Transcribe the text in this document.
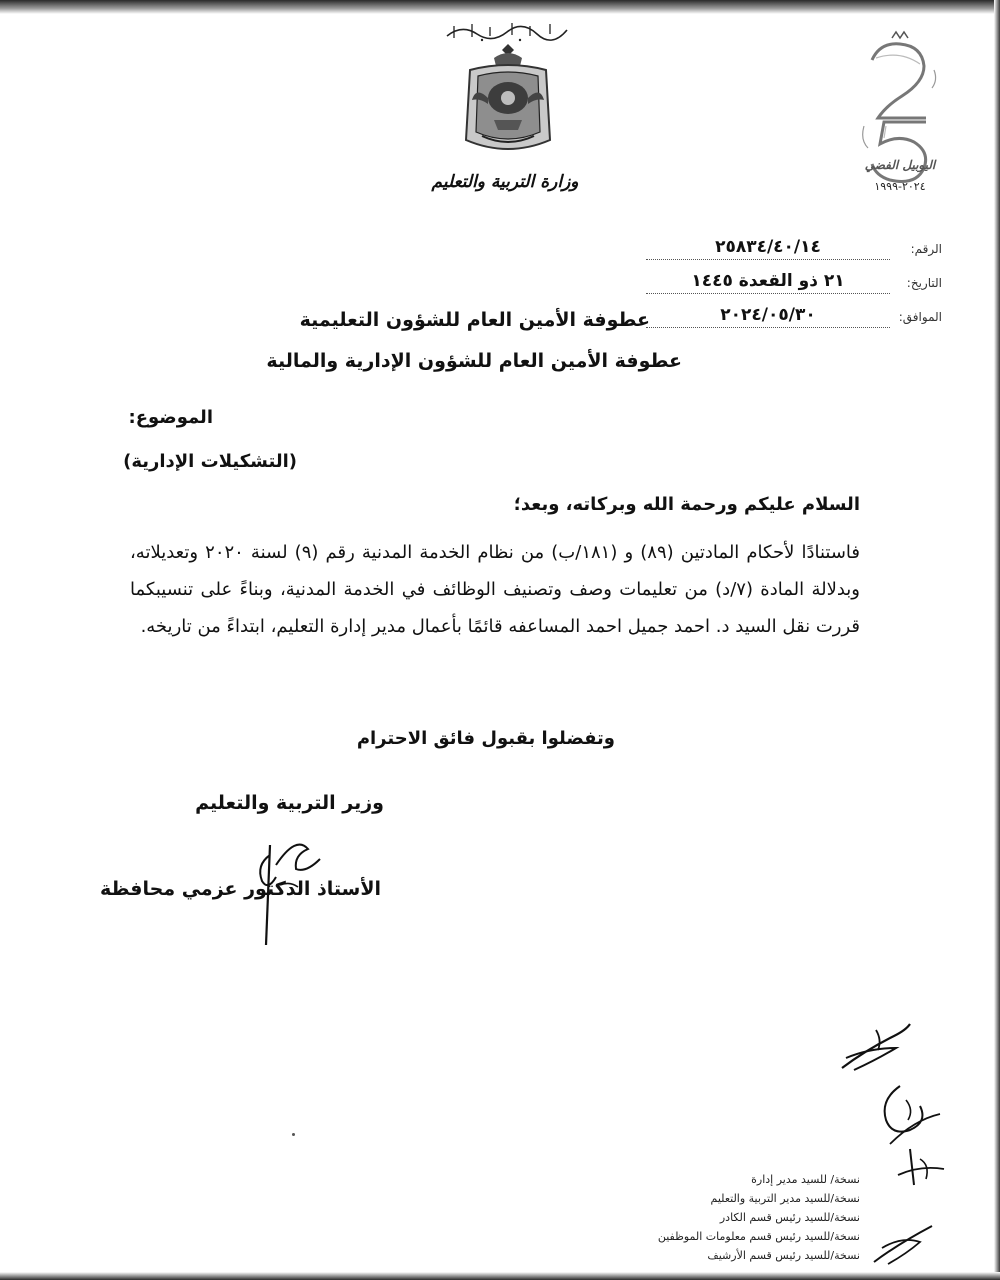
وزارة التربية والتعليم
اليوبيل الفضي
٢٠٢٤-١٩٩٩
الرقم:
٢٥٨٣٤/٤٠/١٤
التاريخ:
٢١ ذو القعدة ١٤٤٥
الموافق:
٢٠٢٤/٠٥/٣٠
عطوفة الأمين العام للشؤون التعليمية
عطوفة الأمين العام للشؤون الإدارية والمالية
الموضوع:
(التشكيلات الإدارية)
السلام عليكم ورحمة الله وبركاته، وبعد؛
فاستنادًا لأحكام المادتين (٨٩) و (١٨١/ب) من نظام الخدمة المدنية رقم (٩) لسنة ٢٠٢٠ وتعديلاته، وبدلالة المادة (٧/د) من تعليمات وصف وتصنيف الوظائف في الخدمة المدنية، وبناءً على تنسيبكما قررت نقل السيد د. احمد جميل احمد المساعفه قائمًا بأعمال مدير إدارة التعليم، ابتداءً من تاريخه.
وتفضلوا بقبول فائق الاحترام
وزير التربية والتعليم
الأستاذ الدكتور عزمي محافظة
نسخة/ للسيد مدير إدارة
نسخة/للسيد مدير التربية والتعليم
نسخة/للسيد رئيس قسم الكادر
نسخة/للسيد رئيس قسم معلومات الموظفين
نسخة/للسيد رئيس قسم الأرشيف
